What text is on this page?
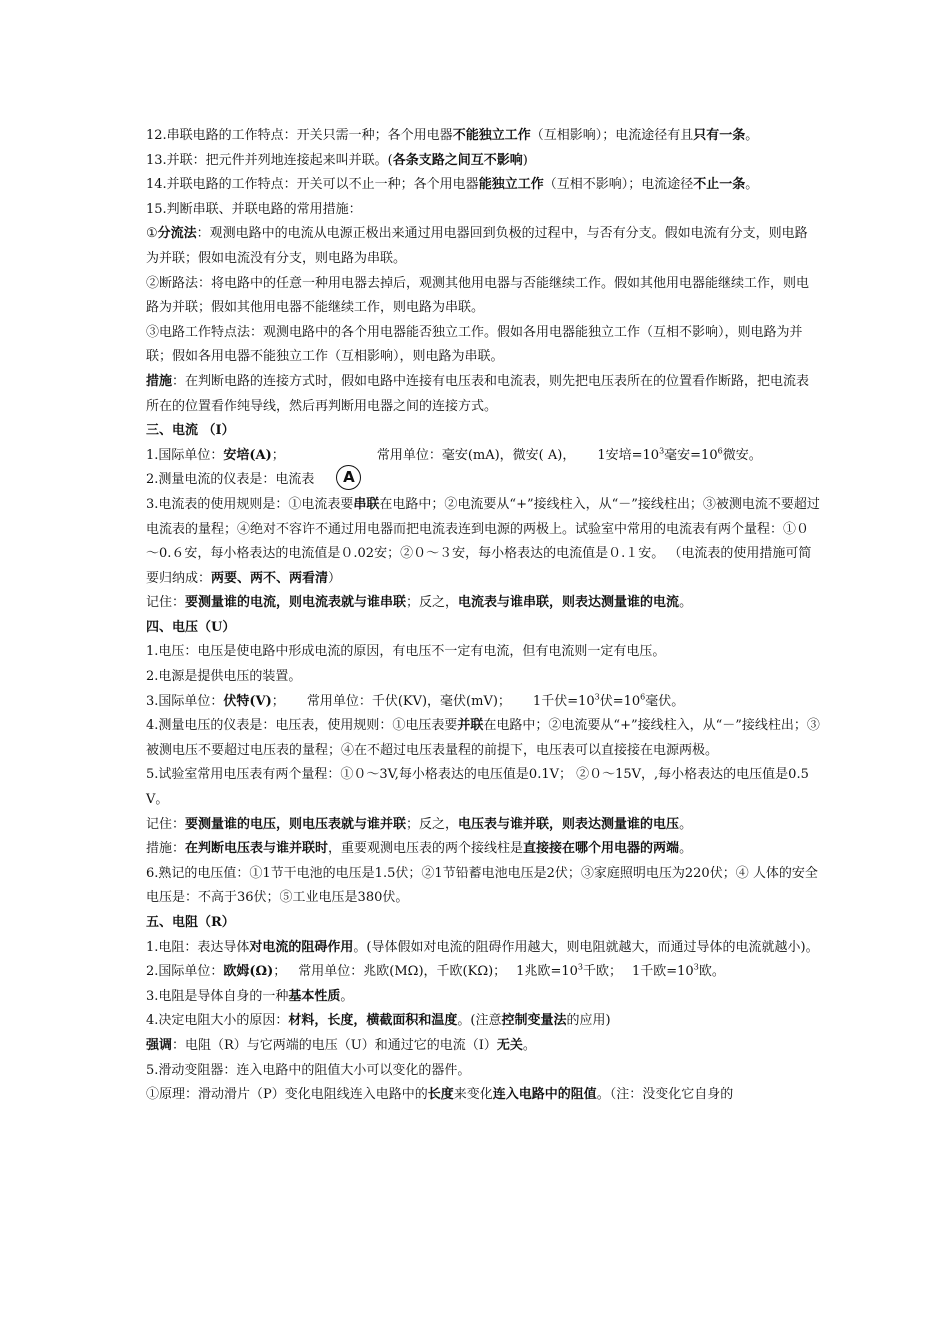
12.串联电路的工作特点：开关只需一种；各个用电器不能独立工作（互相影响）；电流途径有且只有一条。

13.并联：把元件并列地连接起来叫并联。(各条支路之间互不影响)

14.并联电路的工作特点：开关可以不止一种；各个用电器能独立工作（互相不影响）；电流途径不止一条。

15.判断串联、并联电路的常用措施：

①分流法：观测电路中的电流从电源正极出来通过用电器回到负极的过程中，与否有分支。假如电流有分支，则电路为并联；假如电流没有分支，则电路为串联。

②断路法：将电路中的任意一种用电器去掉后，观测其他用电器与否能继续工作。假如其他用电器能继续工作，则电路为并联；假如其他用电器不能继续工作，则电路为串联。

③电路工作特点法：观测电路中的各个用电器能否独立工作。假如各用电器能独立工作（互相不影响），则电路为并联；假如各用电器不能独立工作（互相影响），则电路为串联。

措施：在判断电路的连接方式时，假如电路中连接有电压表和电流表，则先把电压表所在的位置看作断路，把电流表所在的位置看作纯导线，然后再判断用电器之间的连接方式。

三、电流 （I）

1.国际单位：安培(A)；	常用单位：毫安(mA)，微安( A)， 1安培$=10^3$毫安$=10^6$微安。

2.测量电流的仪表是：电流表 A

3.电流表的使用规则是：①电流表要串联在电路中；②电流要从“+”接线柱入，从“－”接线柱出；③被测电流不要超过电流表的量程；④绝对不容许不通过用电器而把电流表连到电源的两极上。试验室中常用的电流表有两个量程：①０～0.６安，每小格表达的电流值是０.02安；②０～３安，每小格表达的电流值是０.１安。 （电流表的使用措施可简要归纳成：两要、两不、两看清）

记住：要测量谁的电流，则电流表就与谁串联；反之，电流表与谁串联，则表达测量谁的电流。

四、电压（U）

1.电压：电压是使电路中形成电流的原因，有电压不一定有电流，但有电流则一定有电压。

2.电源是提供电压的装置。

3.国际单位：伏特(V)； 常用单位：千伏(KV)，毫伏(mV)； 1千伏$=10^3$伏$=10^6$毫伏。

4.测量电压的仪表是：电压表，使用规则：①电压表要并联在电路中；②电流要从“+”接线柱入，从“－”接线柱出；③被测电压不要超过电压表的量程；④在不超过电压表量程的前提下，电压表可以直接接在电源两极。

5.试验室常用电压表有两个量程：①０～3V,每小格表达的电压值是0.1V； ②０～15V，,每小格表达的电压值是0.5V。

记住：要测量谁的电压，则电压表就与谁并联；反之，电压表与谁并联，则表达测量谁的电压。

措施：在判断电压表与谁并联时，重要观测电压表的两个接线柱是直接接在哪个用电器的两端。

6.熟记的电压值：①1节干电池的电压是1.5伏；②1节铅蓄电池电压是2伏；③家庭照明电压为220伏；④ 人体的安全电压是：不高于36伏；⑤工业电压是380伏。

五、电阻（R）

1.电阻：表达导体对电流的阻碍作用。(导体假如对电流的阻碍作用越大，则电阻就越大，而通过导体的电流就越小)。

2.国际单位：欧姆(Ω)； 常用单位：兆欧(MΩ)，千欧(KΩ)； 1兆欧$=10^3$千欧； 1千欧$=10^3$欧。

3.电阻是导体自身的一种基本性质。

4.决定电阻大小的原因：材料，长度，横截面积和温度。(注意控制变量法的应用)

强调：电阻（R）与它两端的电压（U）和通过它的电流（I）无关。

5.滑动变阻器：连入电路中的阻值大小可以变化的器件。

①原理：滑动滑片（P）变化电阻线连入电路中的长度来变化连入电路中的阻值。（注：没变化它自身的
